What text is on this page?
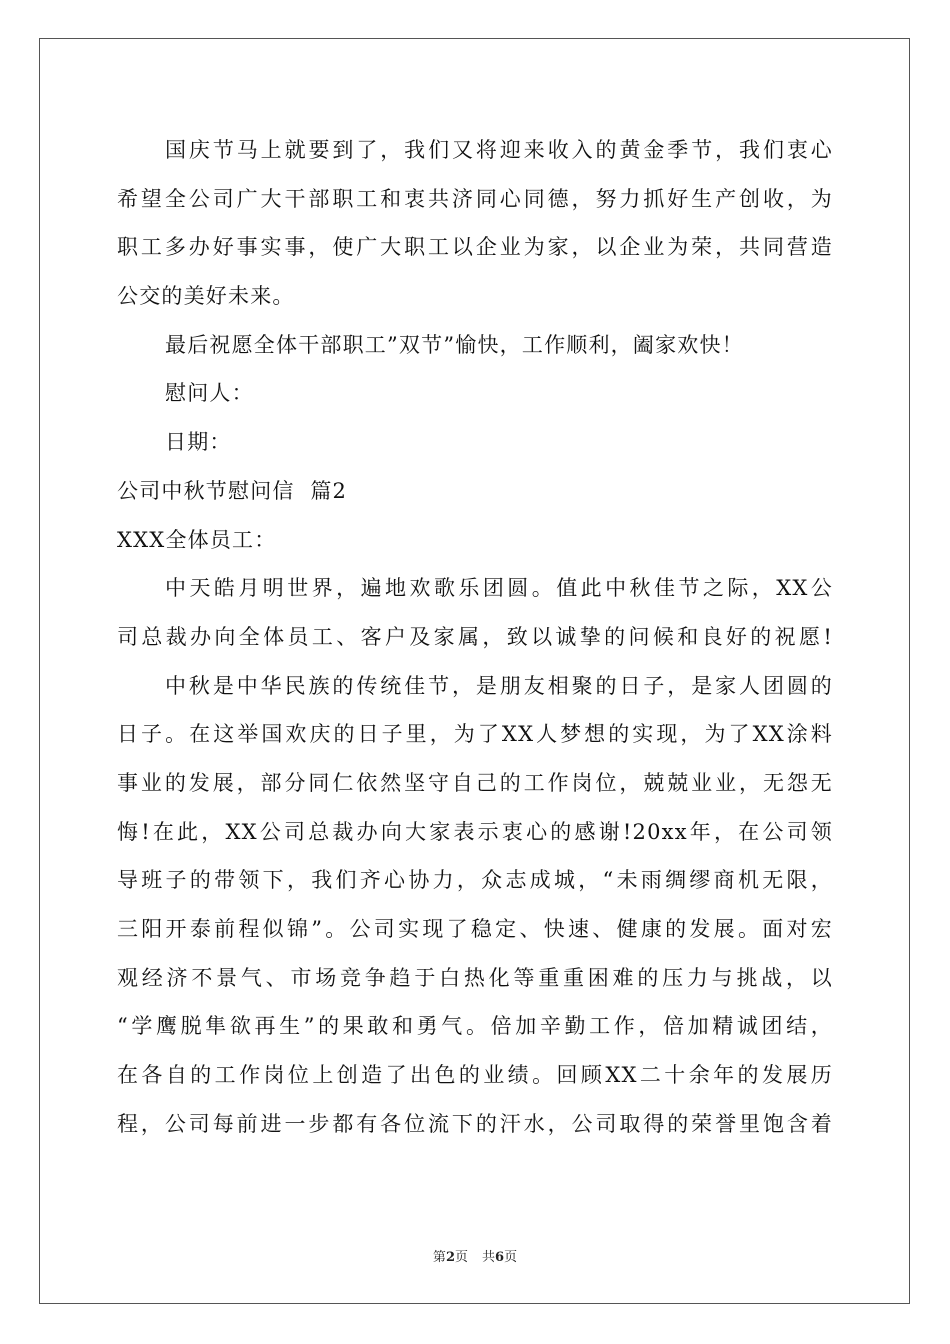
国庆节马上就要到了，我们又将迎来收入的黄金季节，我们衷心
希望全公司广大干部职工和衷共济同心同德，努力抓好生产创收，为
职工多办好事实事，使广大职工以企业为家，以企业为荣，共同营造
公交的美好未来。
最后祝愿全体干部职工”双节”愉快，工作顺利，阖家欢快！
慰问人：
日期：
公司中秋节慰问信  篇2
XXX全体员工：
中天皓月明世界，遍地欢歌乐团圆。值此中秋佳节之际，XX公
司总裁办向全体员工、客户及家属，致以诚挚的问候和良好的祝愿!
中秋是中华民族的传统佳节，是朋友相聚的日子，是家人团圆的
日子。在这举国欢庆的日子里，为了XX人梦想的实现，为了XX涂料
事业的发展，部分同仁依然坚守自己的工作岗位，兢兢业业，无怨无
悔!在此，XX公司总裁办向大家表示衷心的感谢!20xx年，在公司领
导班子的带领下，我们齐心协力，众志成城，“未雨绸缪商机无限，
三阳开泰前程似锦”。公司实现了稳定、快速、健康的发展。面对宏
观经济不景气、市场竞争趋于白热化等重重困难的压力与挑战，以
“学鹰脱隼欲再生”的果敢和勇气。倍加辛勤工作，倍加精诚团结，
在各自的工作岗位上创造了出色的业绩。回顾XX二十余年的发展历
程，公司每前进一步都有各位流下的汗水，公司取得的荣誉里饱含着
第2页 共6页
